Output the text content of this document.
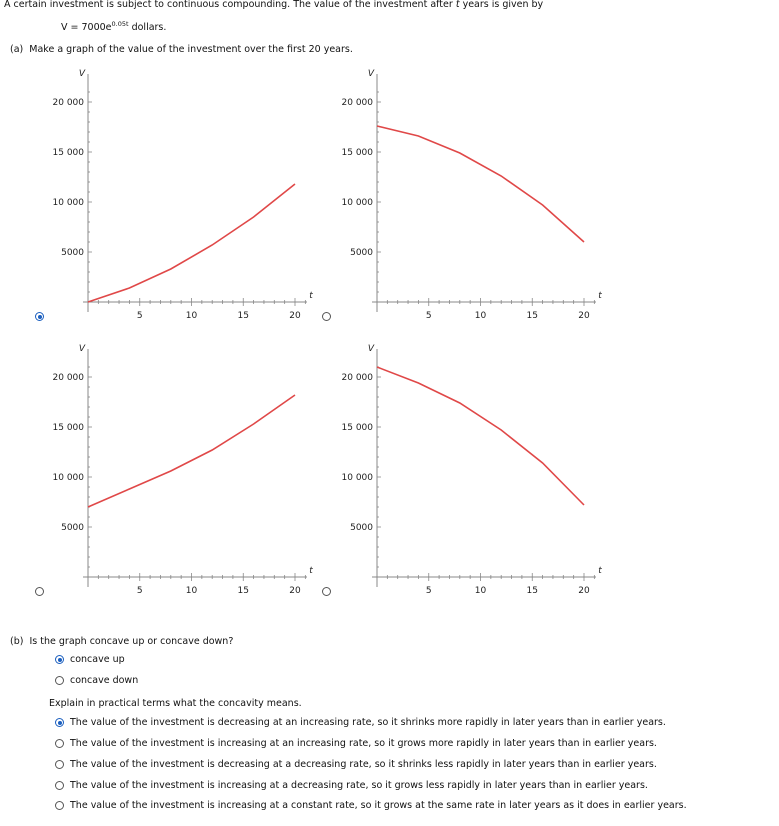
A certain investment is subject to continuous compounding. The value of the investment after t years is given by
$V = 7000e^{0.05t}$ dollars.
(a) Make a graph of the value of the investment over the first 20 years.
5	10	15	20
5000
10 000
15 000
20 000
V
t
5	10	15	20
5000
10 000
15 000
20 000
V
t
5	10	15	20
5000
10 000
15 000
20 000
V
t
5	10	15	20
5000
10 000
15 000
20 000
V
t
(b) Is the graph concave up or concave down?
concave up
concave down
Explain in practical terms what the concavity means.
The value of the investment is decreasing at an increasing rate, so it shrinks more rapidly in later years than in earlier years.
The value of the investment is increasing at an increasing rate, so it grows more rapidly in later years than in earlier years.
The value of the investment is decreasing at a decreasing rate, so it shrinks less rapidly in later years than in earlier years.
The value of the investment is increasing at a decreasing rate, so it grows less rapidly in later years than in earlier years.
The value of the investment is increasing at a constant rate, so it grows at the same rate in later years as it does in earlier years.
